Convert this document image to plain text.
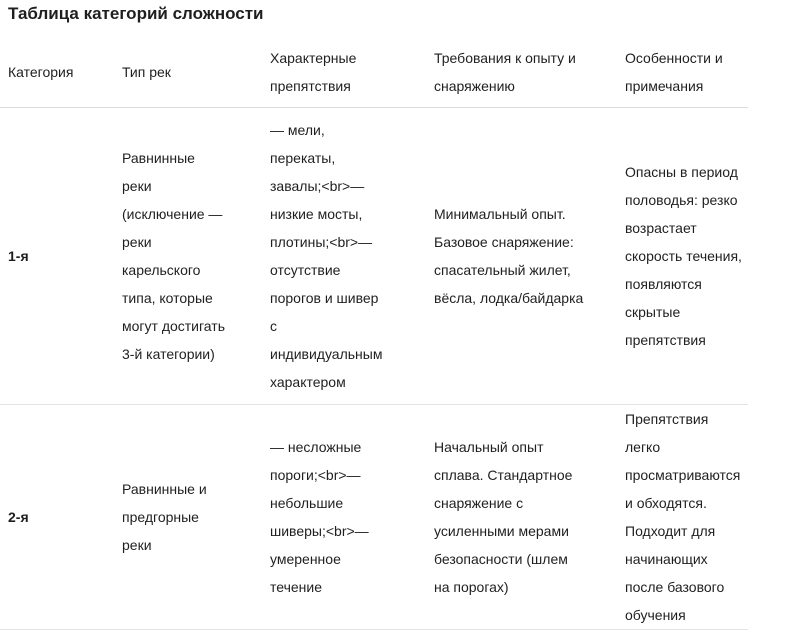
Таблица категорий сложности
Категория	Тип рек	Характерные препятствия	Требования к опыту и снаряжению	Особенности и примечания

1-я	Равнинные реки (исключение — реки карельского типа, которые могут достигать 3-й категории)	— мели, перекаты, завалы;<br>— низкие мосты, плотины;<br>— отсутствие порогов и шивер с индивидуальным характером	Минимальный опыт. Базовое снаряжение: спасательный жилет, вёсла, лодка/байдарка	Опасны в период половодья: резко возрастает скорость течения, появляются скрытые препятствия

2-я	Равнинные и предгорные реки	— несложные пороги;<br>— небольшие шиверы;<br>— умеренное течение	Начальный опыт сплава. Стандартное снаряжение с усиленными мерами безопасности (шлем на порогах)	Препятствия легко просматриваются и обходятся. Подходит для начинающих после базового обучения
